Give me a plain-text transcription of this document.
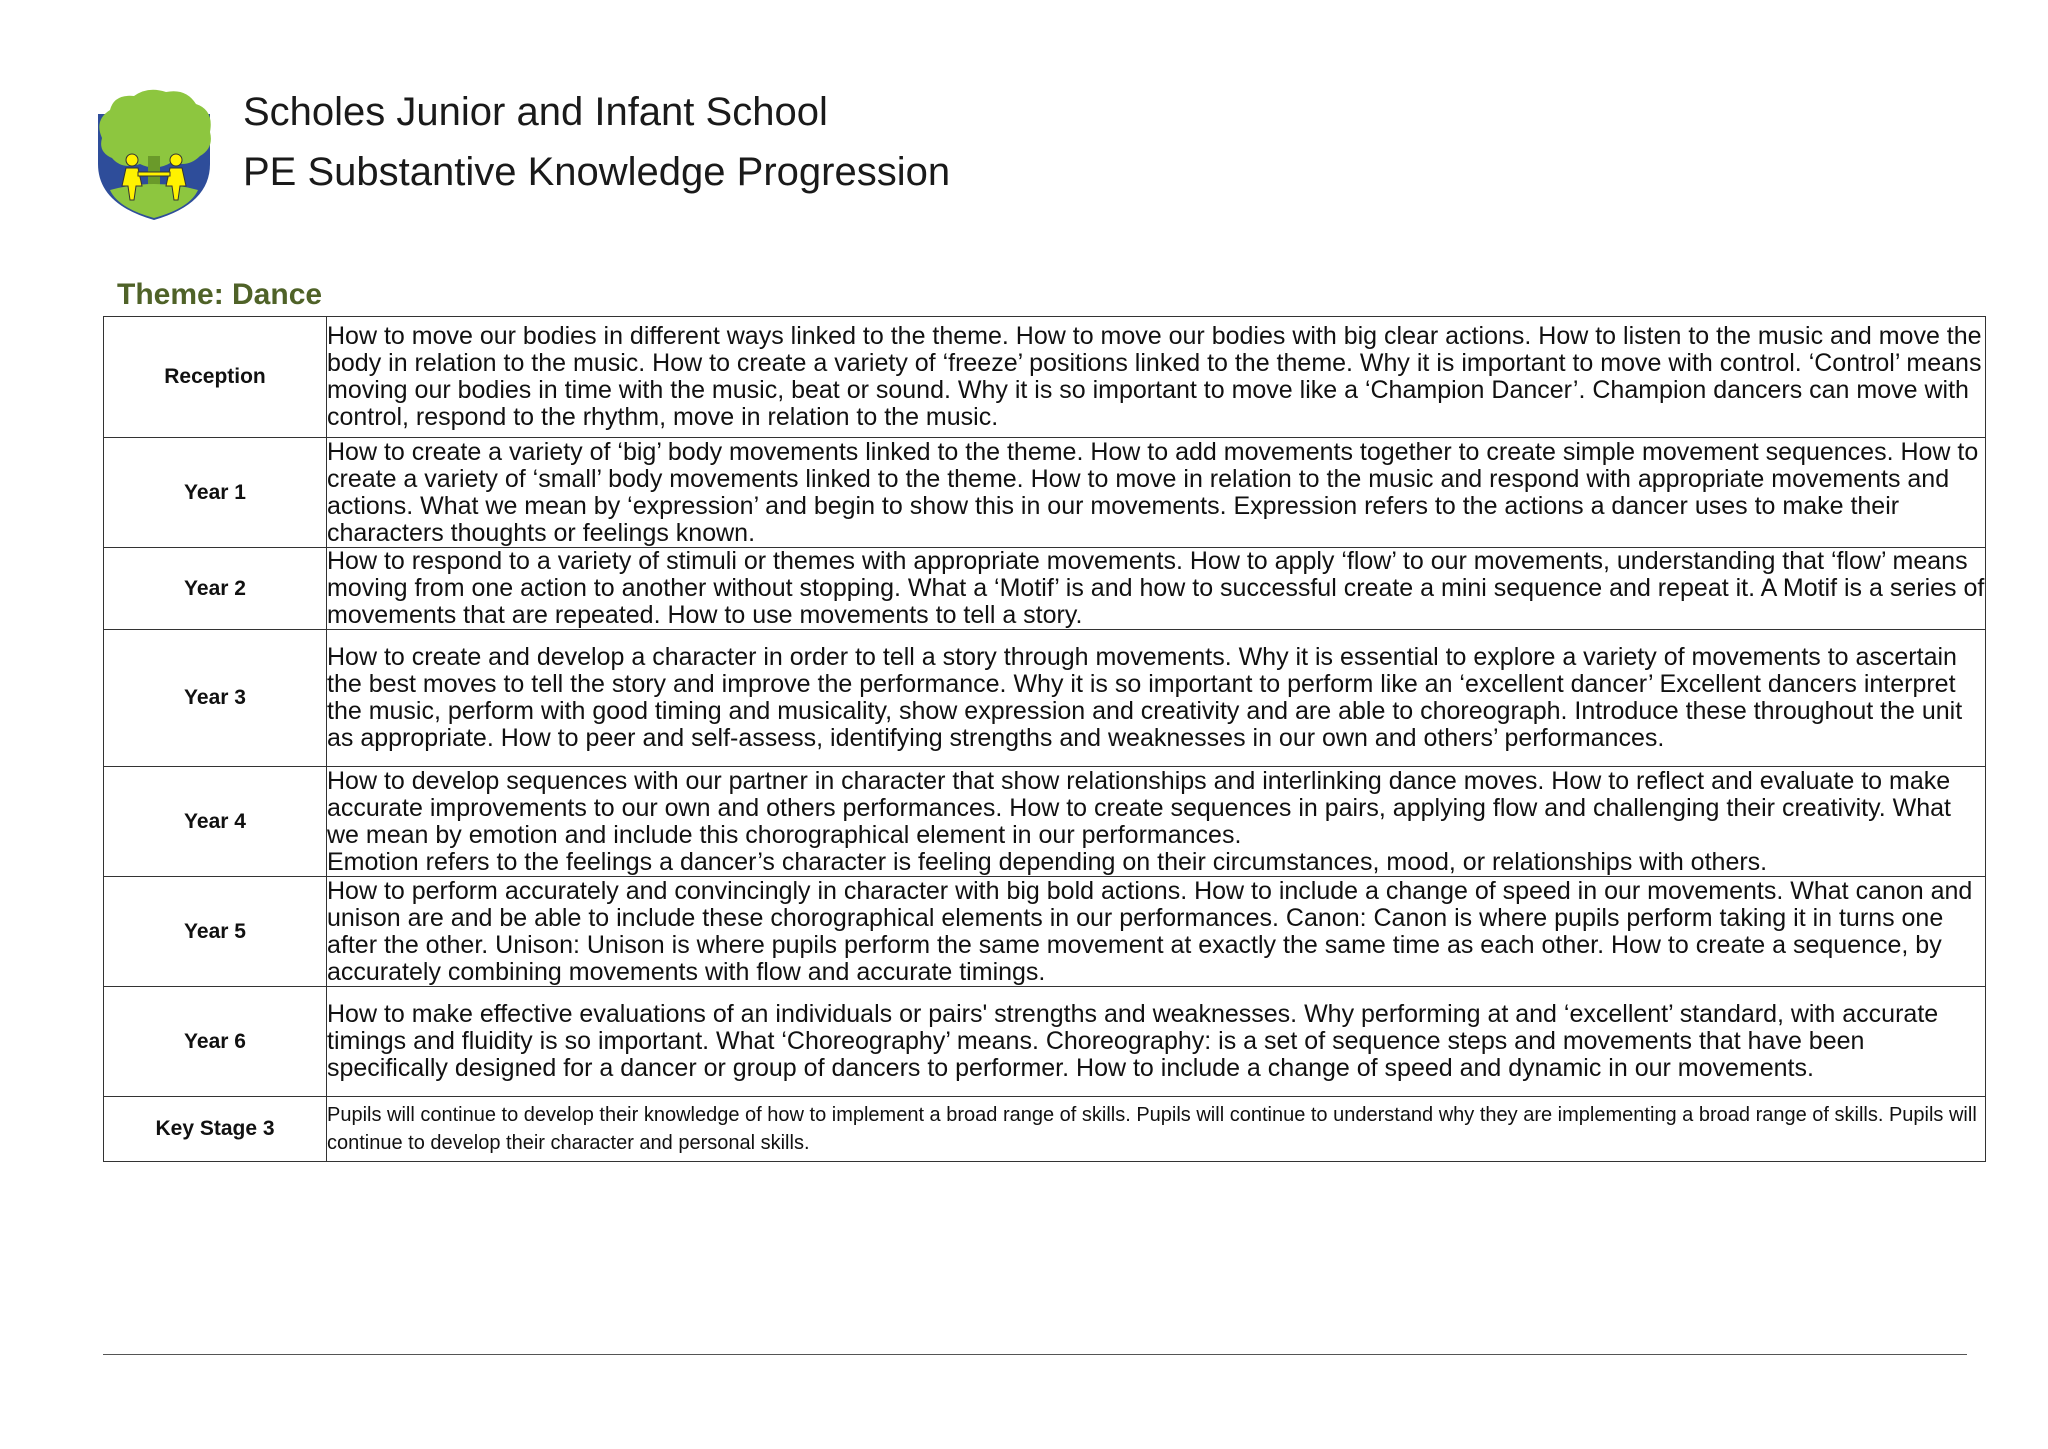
Scholes Junior and Infant School
PE Substantive Knowledge Progression
Theme: Dance
Reception	How to move our bodies in different ways linked to the theme. How to move our bodies with big clear actions. How to listen to the music and move the body in relation to the music. How to create a variety of ‘freeze’ positions linked to the theme. Why it is important to move with control. ‘Control’ means moving our bodies in time with the music, beat or sound. Why it is so important to move like a ‘Champion Dancer’. Champion dancers can move with control, respond to the rhythm, move in relation to the music.
Year 1	How to create a variety of ‘big’ body movements linked to the theme. How to add movements together to create simple movement sequences. How to create a variety of ‘small’ body movements linked to the theme. How to move in relation to the music and respond with appropriate movements and actions. What we mean by ‘expression’ and begin to show this in our movements. Expression refers to the actions a dancer uses to make their characters thoughts or feelings known.
Year 2	How to respond to a variety of stimuli or themes with appropriate movements. How to apply ‘flow’ to our movements, understanding that ‘flow’ means moving from one action to another without stopping. What a ‘Motif’ is and how to successful create a mini sequence and repeat it. A Motif is a series of movements that are repeated. How to use movements to tell a story.
Year 3	How to create and develop a character in order to tell a story through movements. Why it is essential to explore a variety of movements to ascertain the best moves to tell the story and improve the performance. Why it is so important to perform like an ‘excellent dancer’ Excellent dancers interpret the music, perform with good timing and musicality, show expression and creativity and are able to choreograph. Introduce these throughout the unit as appropriate. How to peer and self-assess, identifying strengths and weaknesses in our own and others’ performances.
Year 4	How to develop sequences with our partner in character that show relationships and interlinking dance moves. How to reflect and evaluate to make accurate improvements to our own and others performances. How to create sequences in pairs, applying flow and challenging their creativity. What we mean by emotion and include this chorographical element in our performances.
Emotion refers to the feelings a dancer’s character is feeling depending on their circumstances, mood, or relationships with others.
Year 5	How to perform accurately and convincingly in character with big bold actions. How to include a change of speed in our movements. What canon and unison are and be able to include these chorographical elements in our performances. Canon: Canon is where pupils perform taking it in turns one after the other. Unison: Unison is where pupils perform the same movement at exactly the same time as each other. How to create a sequence, by accurately combining movements with flow and accurate timings.
Year 6	How to make effective evaluations of an individuals or pairs' strengths and weaknesses. Why performing at and ‘excellent’ standard, with accurate timings and fluidity is so important. What ‘Choreography’ means. Choreography: is a set of sequence steps and movements that have been specifically designed for a dancer or group of dancers to performer. How to include a change of speed and dynamic in our movements.
Key Stage 3	Pupils will continue to develop their knowledge of how to implement a broad range of skills. Pupils will continue to understand why they are implementing a broad range of skills. Pupils will continue to develop their character and personal skills.
